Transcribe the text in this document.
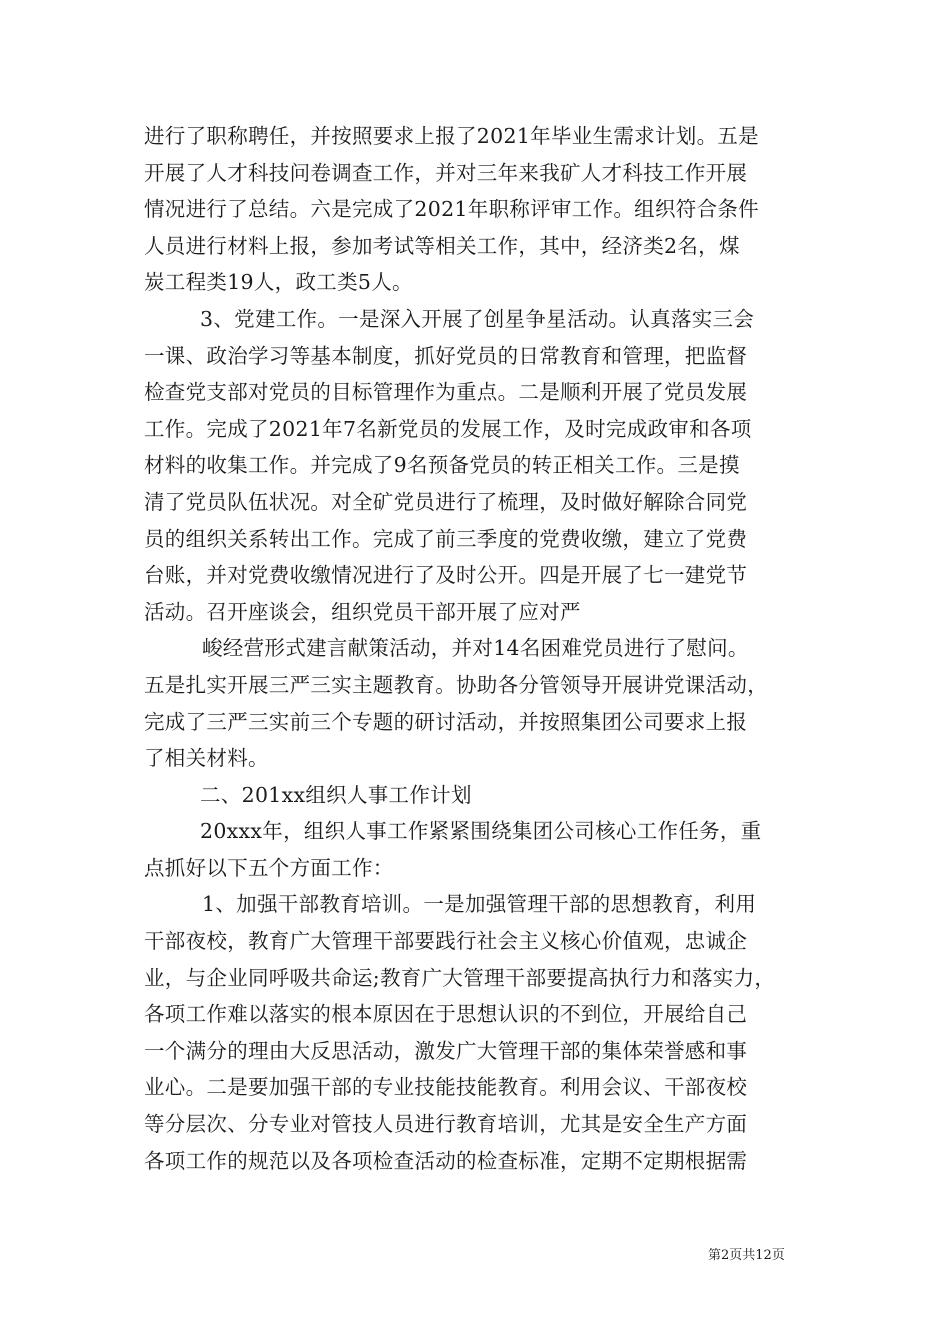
进行了职称聘任，并按照要求上报了2021年毕业生需求计划。五是
开展了人才科技问卷调查工作，并对三年来我矿人才科技工作开展
情况进行了总结。六是完成了2021年职称评审工作。组织符合条件
人员进行材料上报，参加考试等相关工作，其中，经济类2名，煤
炭工程类19人，政工类5人。
3、党建工作。一是深入开展了创星争星活动。认真落实三会
一课、政治学习等基本制度，抓好党员的日常教育和管理，把监督
检查党支部对党员的目标管理作为重点。二是顺利开展了党员发展
工作。完成了2021年7名新党员的发展工作，及时完成政审和各项
材料的收集工作。并完成了9名预备党员的转正相关工作。三是摸
清了党员队伍状况。对全矿党员进行了梳理，及时做好解除合同党
员的组织关系转出工作。完成了前三季度的党费收缴，建立了党费
台账，并对党费收缴情况进行了及时公开。四是开展了七一建党节
活动。召开座谈会，组织党员干部开展了应对严
峻经营形式建言献策活动，并对14名困难党员进行了慰问。
五是扎实开展三严三实主题教育。协助各分管领导开展讲党课活动，
完成了三严三实前三个专题的研讨活动，并按照集团公司要求上报
了相关材料。
二、201xx组织人事工作计划
20xxx年，组织人事工作紧紧围绕集团公司核心工作任务，重
点抓好以下五个方面工作：
1、加强干部教育培训。一是加强管理干部的思想教育，利用
干部夜校，教育广大管理干部要践行社会主义核心价值观，忠诚企
业，与企业同呼吸共命运;教育广大管理干部要提高执行力和落实力，
各项工作难以落实的根本原因在于思想认识的不到位，开展给自己
一个满分的理由大反思活动，激发广大管理干部的集体荣誉感和事
业心。二是要加强干部的专业技能技能教育。利用会议、干部夜校
等分层次、分专业对管技人员进行教育培训，尤其是安全生产方面
各项工作的规范以及各项检查活动的检查标准，定期不定期根据需
第2页共12页
